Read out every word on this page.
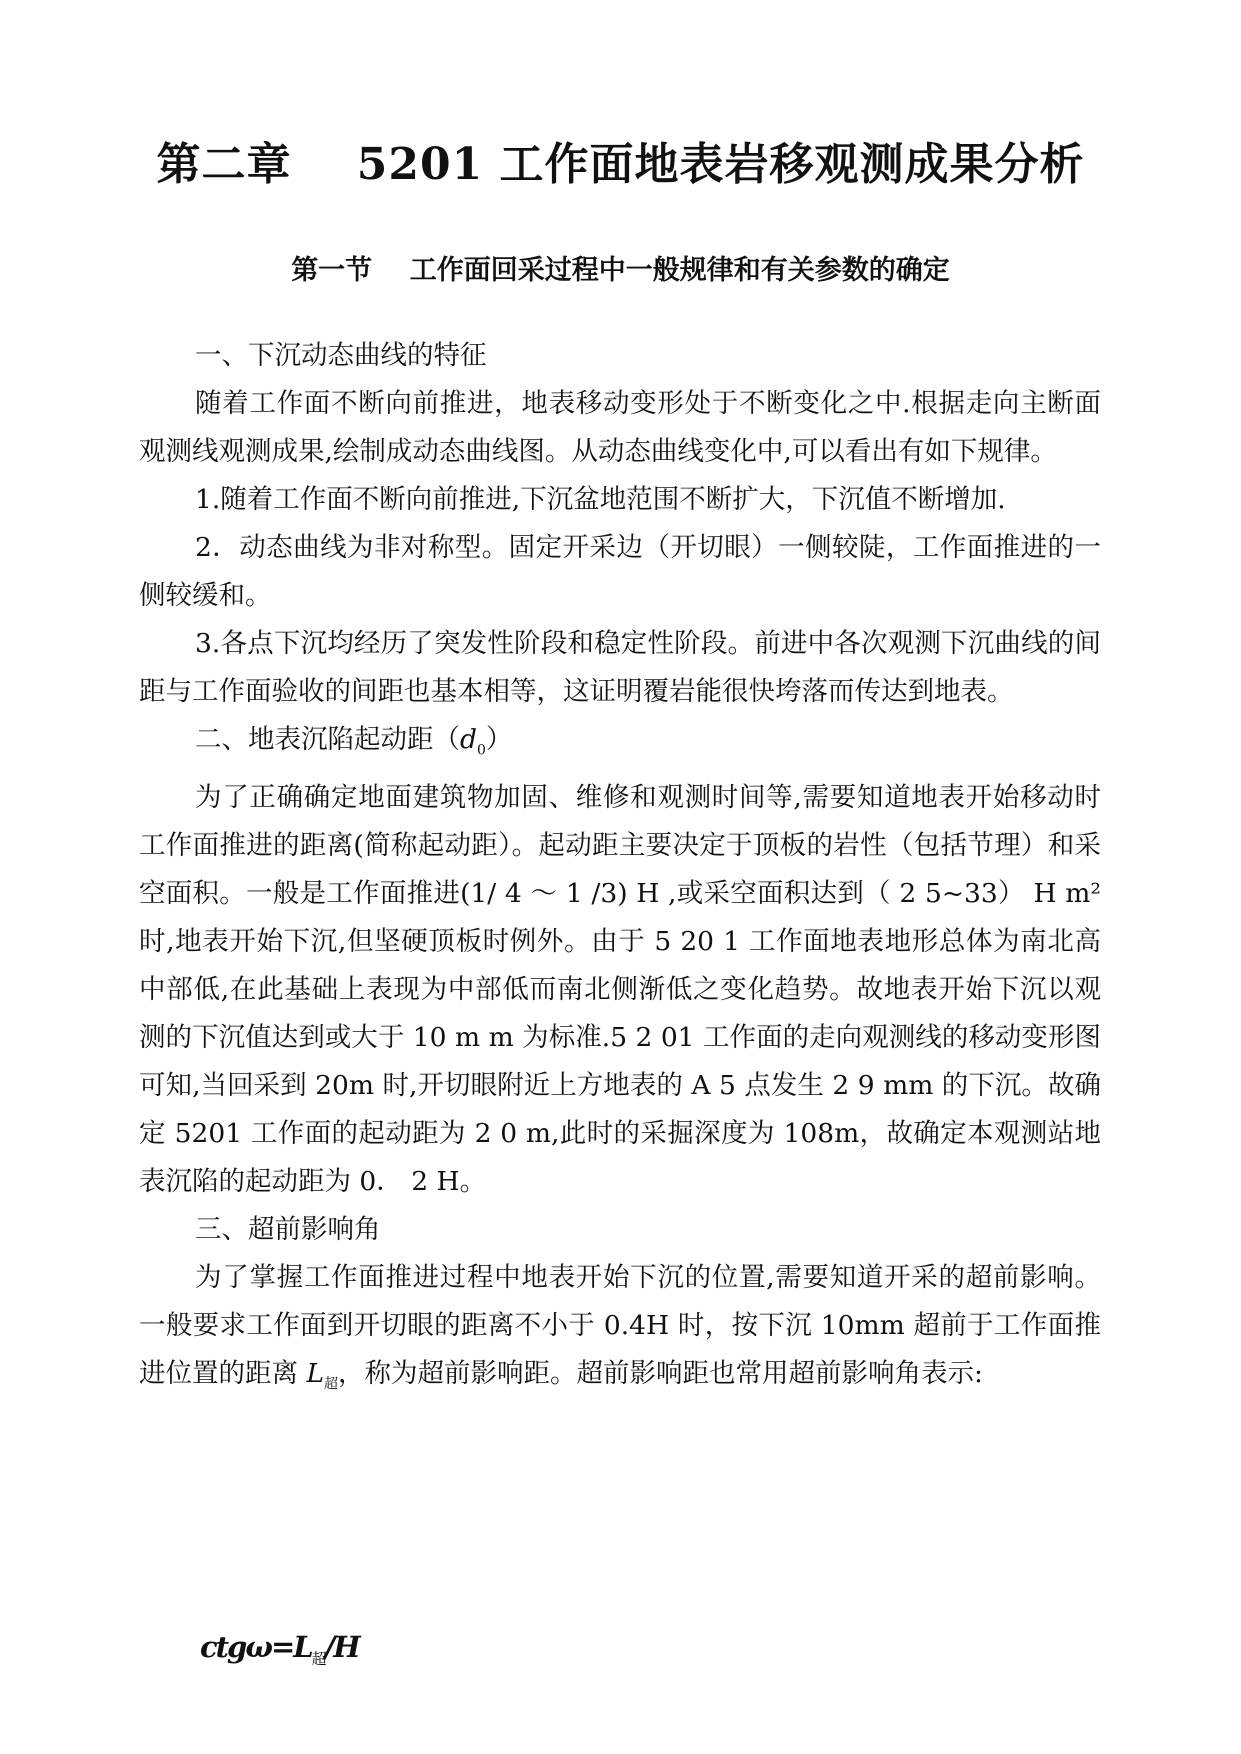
第二章    5201 工作面地表岩移观测成果分析
第一节    工作面回采过程中一般规律和有关参数的确定

一、下沉动态曲线的特征

随着工作面不断向前推进，地表移动变形处于不断变化之中.根据走向主断面观测线观测成果,绘制成动态曲线图。从动态曲线变化中,可以看出有如下规律。

1.随着工作面不断向前推进,下沉盆地范围不断扩大，下沉值不断增加.

2．动态曲线为非对称型。固定开采边（开切眼）一侧较陡，工作面推进的一侧较缓和。

3.各点下沉均经历了突发性阶段和稳定性阶段。前进中各次观测下沉曲线的间距与工作面验收的间距也基本相等，这证明覆岩能很快垮落而传达到地表。

二、地表沉陷起动距$(d_0)$

为了正确确定地面建筑物加固、维修和观测时间等,需要知道地表开始移动时工作面推进的距离(简称起动距）。起动距主要决定于顶板的岩性（包括节理）和采空面积。一般是工作面推进(1/ 4 ～ 1 /3) H ,或采空面积达到（ 2 5~33） H m² 时,地表开始下沉,但坚硬顶板时例外。由于 5 20 1 工作面地表地形总体为南北高中部低,在此基础上表现为中部低而南北侧渐低之变化趋势。故地表开始下沉以观测的下沉值达到或大于 10 m m 为标准.5 2 01 工作面的走向观测线的移动变形图可知,当回采到 20m 时,开切眼附近上方地表的 A 5 点发生 2 9 mm 的下沉。故确定 5201 工作面的起动距为 2 0 m,此时的采掘深度为 108m，故确定本观测站地表沉陷的起动距为 0． 2 H。

三、超前影响角

为了掌握工作面推进过程中地表开始下沉的位置,需要知道开采的超前影响。一般要求工作面到开切眼的距离不小于 0.4H 时，按下沉 10mm 超前于工作面推进位置的距离 $L_超$，称为超前影响距。超前影响距也常用超前影响角表示:

$ctg\omega=L_超/H$
